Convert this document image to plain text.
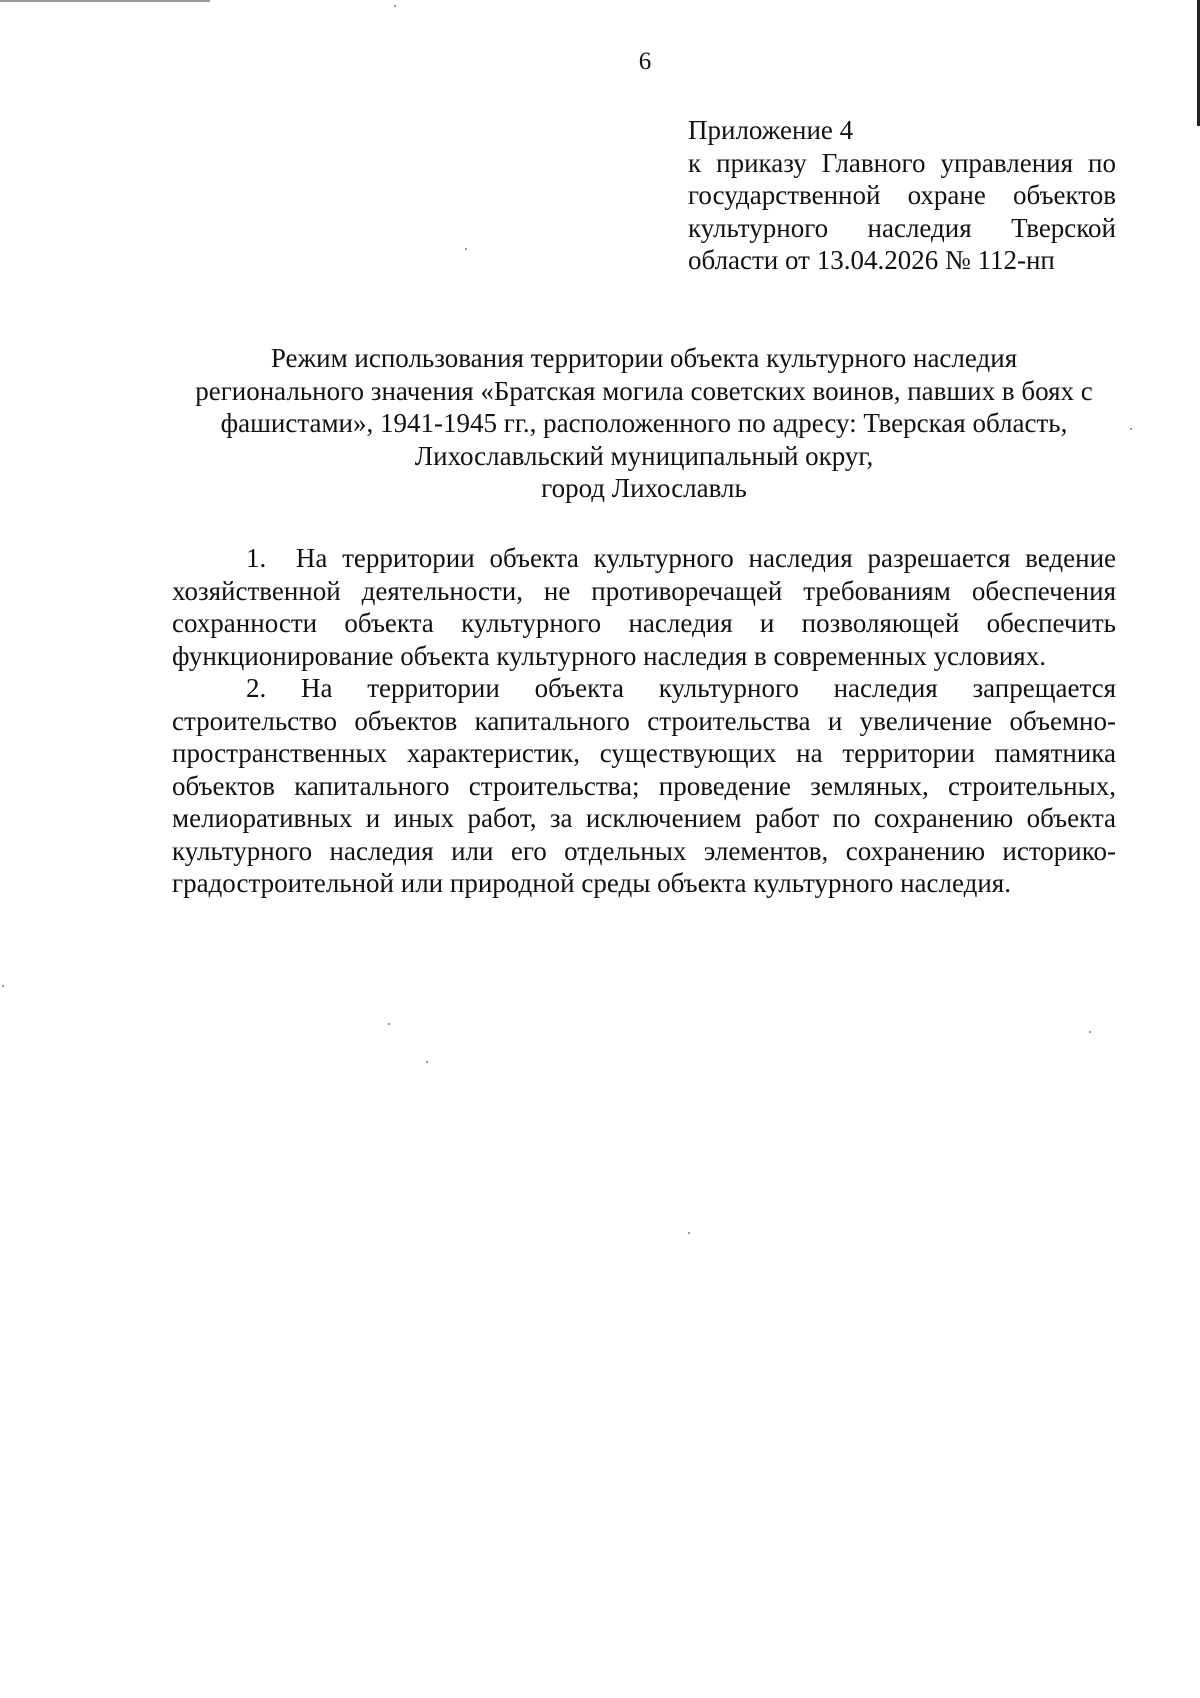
6
Приложение 4
к приказу Главного управления по
государственной охране объектов
культурного наследия Тверской
области от 13.04.2026 № 112-нп
Режим использования территории объекта культурного наследия
регионального значения «Братская могила советских воинов, павших в боях с
фашистами», 1941-1945 гг., расположенного по адресу: Тверская область,
Лихославльский муниципальный округ,
город Лихославль

1. На территории объекта культурного наследия разрешается ведение хозяйственной деятельности, не противоречащей требованиям обеспечения сохранности объекта культурного наследия и позволяющей обеспечить функционирование объекта культурного наследия в современных условиях.

2. На территории объекта культурного наследия запрещается строительство объектов капитального строительства и увеличение объемно-пространственных характеристик, существующих на территории памятника объектов капитального строительства; проведение земляных, строительных, мелиоративных и иных работ, за исключением работ по сохранению объекта культурного наследия или его отдельных элементов, сохранению историко-градостроительной или природной среды объекта культурного наследия.
